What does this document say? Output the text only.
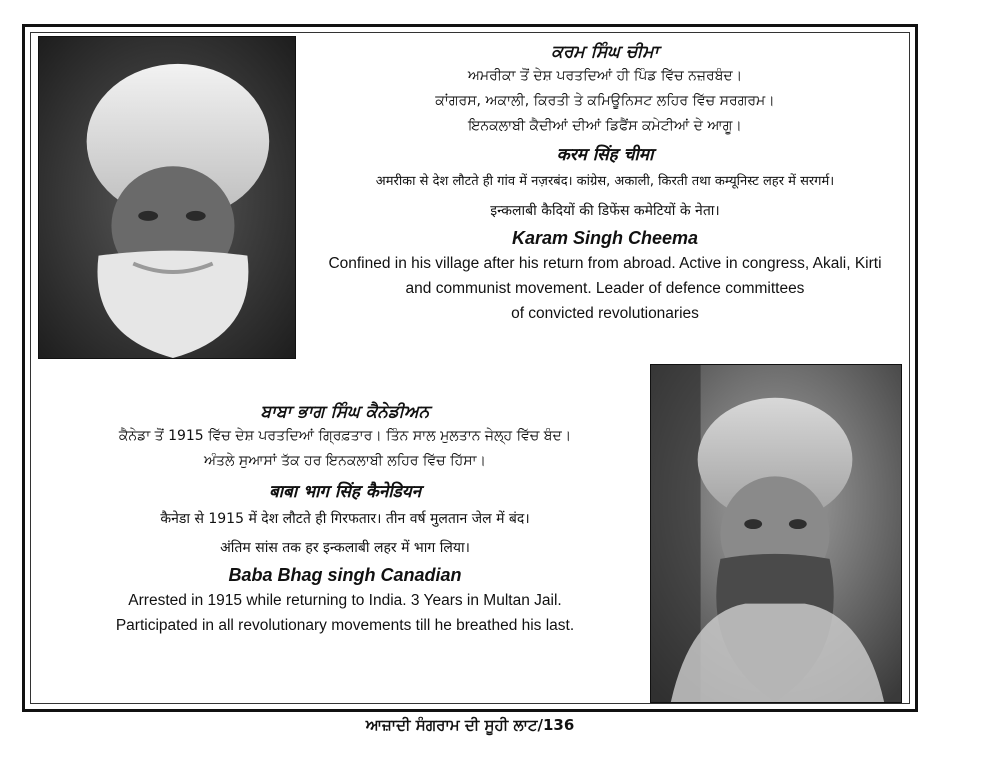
ਕਰਮ ਸਿੰਘ ਚੀਮਾ

ਅਮਰੀਕਾ ਤੋਂ ਦੇਸ਼ ਪਰਤਦਿਆਂ ਹੀ ਪਿੰਡ ਵਿੱਚ ਨਜ਼ਰਬੰਦ।

ਕਾਂਗਰਸ, ਅਕਾਲੀ, ਕਿਰਤੀ ਤੇ ਕਮਿਊਨਿਸਟ ਲਹਿਰ ਵਿੱਚ ਸਰਗਰਮ।

ਇਨਕਲਾਬੀ ਕੈਦੀਆਂ ਦੀਆਂ ਡਿਫੈਂਸ ਕਮੇਟੀਆਂ ਦੇ ਆਗੂ।

करम सिंह चीमा

अमरीका से देश लौटते ही गांव में नज़रबंद। कांग्रेस, अकाली, किरती तथा कम्यूनिस्ट लहर में सरगर्म।

इन्कलाबी कैदियों की डिफेंस कमेटियों के नेता।

Karam Singh Cheema

Confined in his village after his return from abroad. Active in congress, Akali, Kirti

and communist movement. Leader of defence committees

of convicted revolutionaries

ਬਾਬਾ ਭਾਗ ਸਿੰਘ ਕੈਨੇਡੀਅਨ

ਕੈਨੇਡਾ ਤੋਂ 1915 ਵਿੱਚ ਦੇਸ਼ ਪਰਤਦਿਆਂ ਗ੍ਰਿਫ਼ਤਾਰ। ਤਿੰਨ ਸਾਲ ਮੁਲਤਾਨ ਜੇਲ੍ਹ ਵਿੱਚ ਬੰਦ।

ਅੰਤਲੇ ਸੁਆਸਾਂ ਤੱਕ ਹਰ ਇਨਕਲਾਬੀ ਲਹਿਰ ਵਿੱਚ ਹਿੱਸਾ।

बाबा भाग सिंह कैनेडियन

कैनेडा से 1915 में देश लौटते ही गिरफतार। तीन वर्ष मुलतान जेल में बंद।

अंतिम सांस तक हर इन्कलाबी लहर में भाग लिया।

Baba Bhag singh Canadian

Arrested in 1915 while returning to India. 3 Years in Multan Jail.

Participated in all revolutionary movements till he breathed his last.

ਆਜ਼ਾਦੀ ਸੰਗਰਾਮ ਦੀ ਸੂਹੀ ਲਾਟ/136
